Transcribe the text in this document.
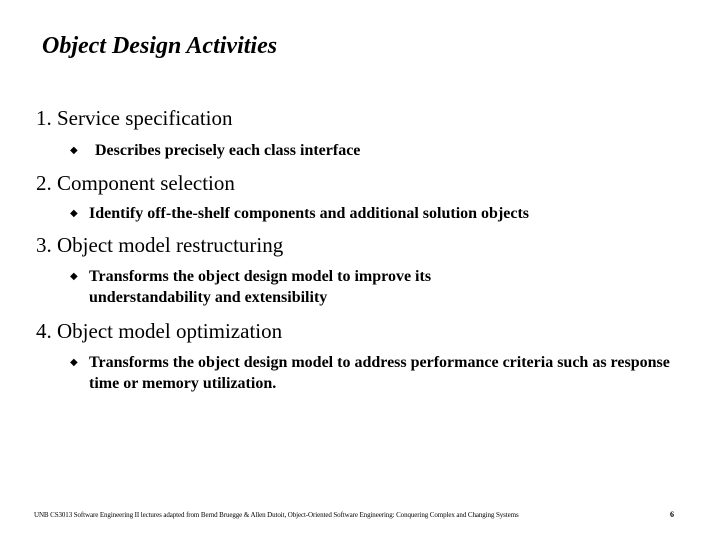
Object Design Activities
1. Service specification
◆ Describes precisely each class interface
2. Component selection
◆ Identify off-the-shelf components and additional solution objects
3. Object model restructuring
◆ Transforms the object design model to improve its understandability and extensibility
4. Object model optimization
◆ Transforms the object design model to address performance criteria such as response time or memory utilization.
UNB CS3013 Software Engineering II lectures adapted from Bernd Bruegge & Allen Dutoit, Object-Oriented Software Engineering: Conquering Complex and Changing Systems	6
